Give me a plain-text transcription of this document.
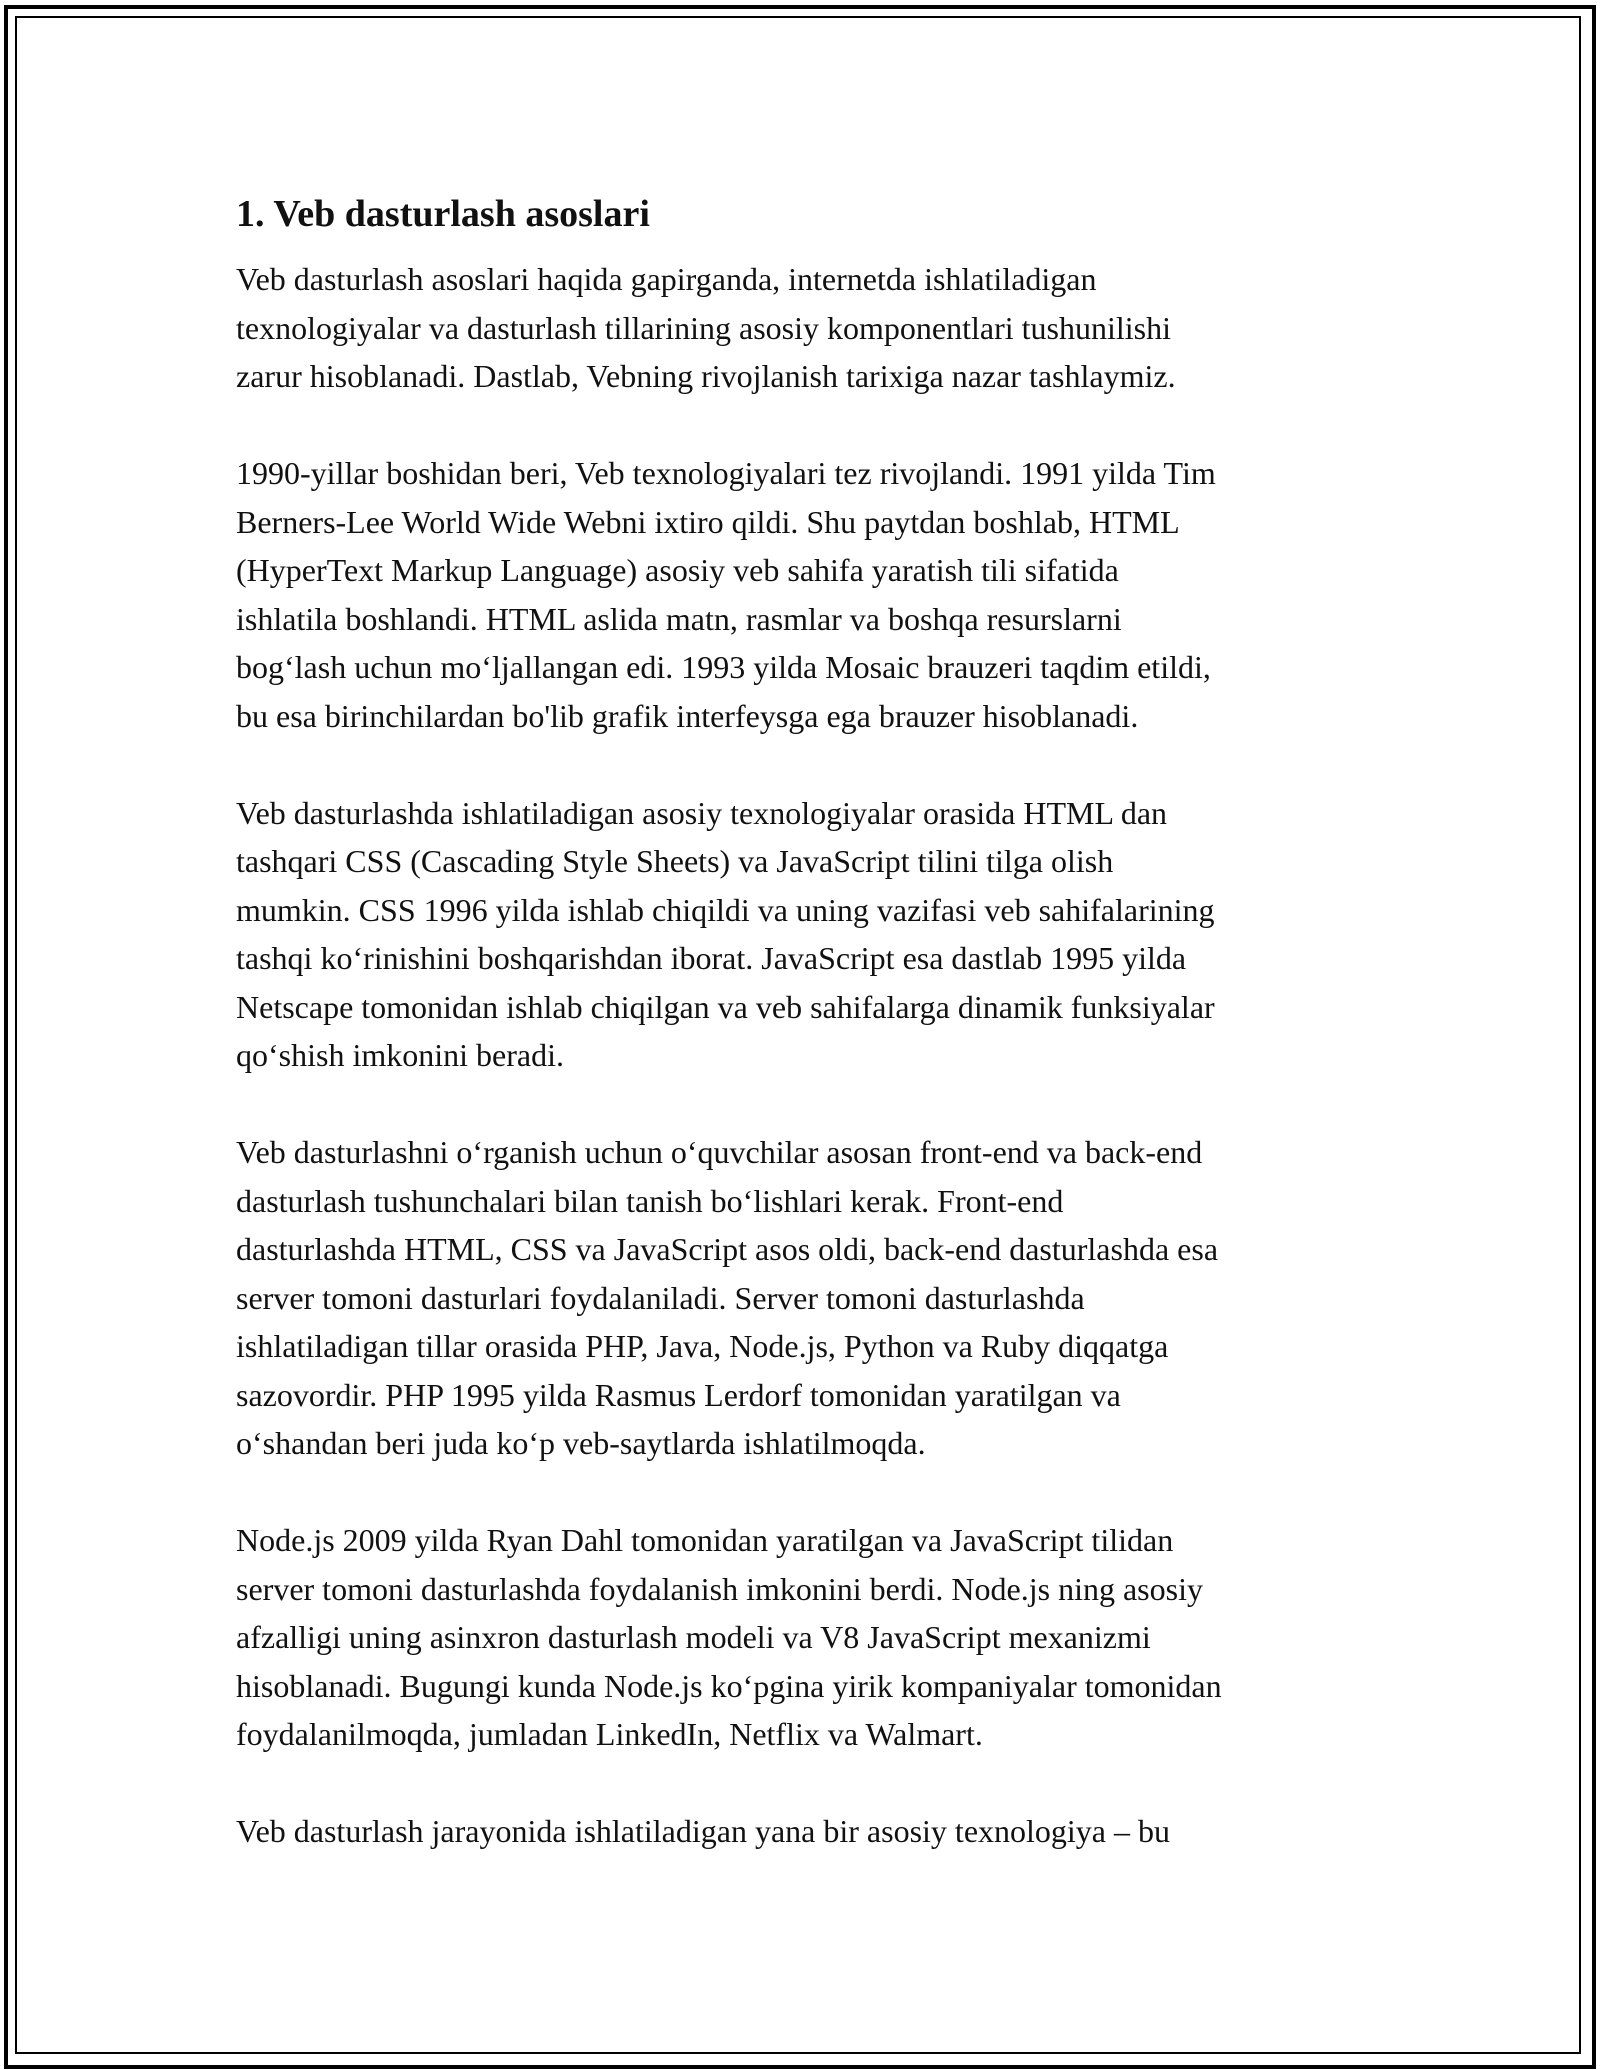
1. Veb dasturlash asoslari
Veb dasturlash asoslari haqida gapirganda, internetda ishlatiladigan
texnologiyalar va dasturlash tillarining asosiy komponentlari tushunilishi
zarur hisoblanadi. Dastlab, Vebning rivojlanish tarixiga nazar tashlaymiz.
1990-yillar boshidan beri, Veb texnologiyalari tez rivojlandi. 1991 yilda Tim
Berners-Lee World Wide Webni ixtiro qildi. Shu paytdan boshlab, HTML
(HyperText Markup Language) asosiy veb sahifa yaratish tili sifatida
ishlatila boshlandi. HTML aslida matn, rasmlar va boshqa resurslarni
bog‘lash uchun mo‘ljallangan edi. 1993 yilda Mosaic brauzeri taqdim etildi,
bu esa birinchilardan bo'lib grafik interfeysga ega brauzer hisoblanadi.
Veb dasturlashda ishlatiladigan asosiy texnologiyalar orasida HTML dan
tashqari CSS (Cascading Style Sheets) va JavaScript tilini tilga olish
mumkin. CSS 1996 yilda ishlab chiqildi va uning vazifasi veb sahifalarining
tashqi ko‘rinishini boshqarishdan iborat. JavaScript esa dastlab 1995 yilda
Netscape tomonidan ishlab chiqilgan va veb sahifalarga dinamik funksiyalar
qo‘shish imkonini beradi.
Veb dasturlashni o‘rganish uchun o‘quvchilar asosan front-end va back-end
dasturlash tushunchalari bilan tanish bo‘lishlari kerak. Front-end
dasturlashda HTML, CSS va JavaScript asos oldi, back-end dasturlashda esa
server tomoni dasturlari foydalaniladi. Server tomoni dasturlashda
ishlatiladigan tillar orasida PHP, Java, Node.js, Python va Ruby diqqatga
sazovordir. PHP 1995 yilda Rasmus Lerdorf tomonidan yaratilgan va
o‘shandan beri juda ko‘p veb-saytlarda ishlatilmoqda.
Node.js 2009 yilda Ryan Dahl tomonidan yaratilgan va JavaScript tilidan
server tomoni dasturlashda foydalanish imkonini berdi. Node.js ning asosiy
afzalligi uning asinxron dasturlash modeli va V8 JavaScript mexanizmi
hisoblanadi. Bugungi kunda Node.js ko‘pgina yirik kompaniyalar tomonidan
foydalanilmoqda, jumladan LinkedIn, Netflix va Walmart.
Veb dasturlash jarayonida ishlatiladigan yana bir asosiy texnologiya – bu
